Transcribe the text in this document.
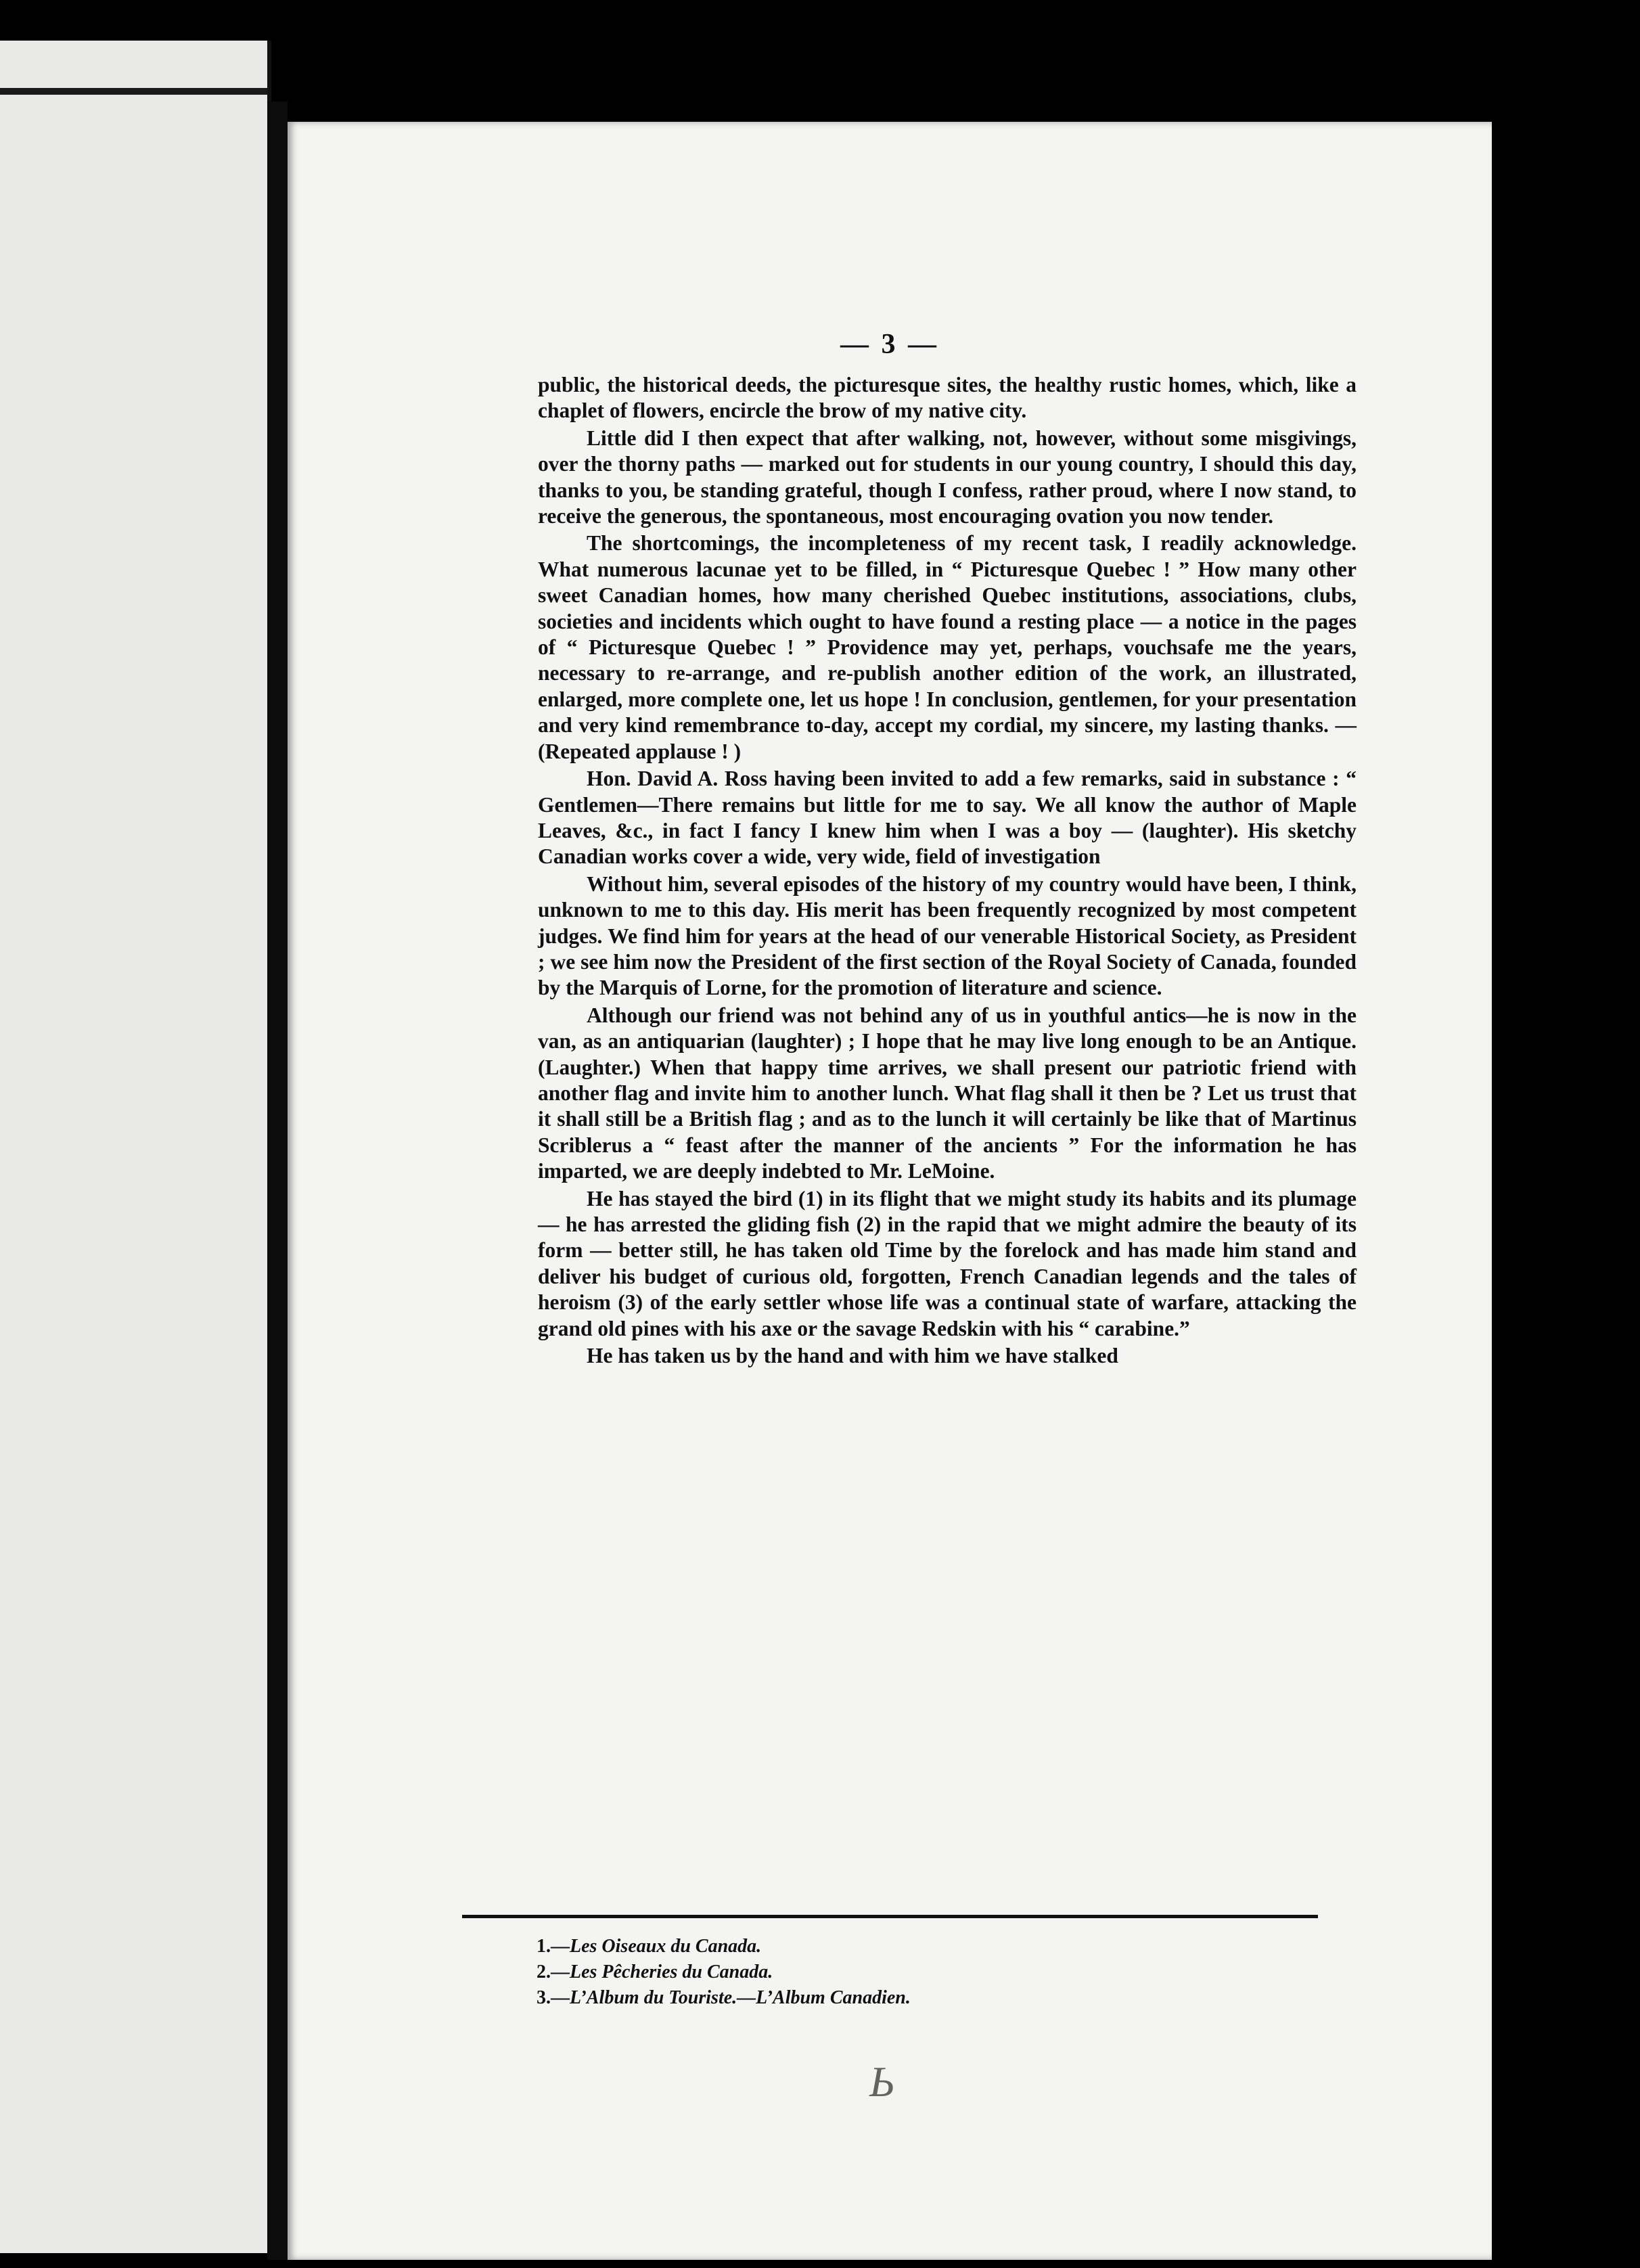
— 3 —

public, the historical deeds, the picturesque sites, the healthy rustic homes, which, like a chaplet of flowers, encircle the brow of my native city.

Little did I then expect that after walking, not, however, without some misgivings, over the thorny paths — marked out for students in our young country, I should this day, thanks to you, be standing grateful, though I confess, rather proud, where I now stand, to receive the generous, the spontaneous, most encouraging ovation you now tender.

The shortcomings, the incompleteness of my recent task, I readily acknowledge. What numerous lacunae yet to be filled, in “ Picturesque Quebec ! ” How many other sweet Canadian homes, how many cherished Quebec institutions, associations, clubs, societies and incidents which ought to have found a resting place — a notice in the pages of “ Picturesque Quebec ! ” Providence may yet, perhaps, vouchsafe me the years, necessary to re-arrange, and re-publish another edition of the work, an illustrated, enlarged, more complete one, let us hope ! In conclusion, gentlemen, for your presentation and very kind remembrance to-day, accept my cordial, my sincere, my lasting thanks. — (Repeated applause ! )

Hon. David A. Ross having been invited to add a few remarks, said in substance : “ Gentlemen—There remains but little for me to say. We all know the author of Maple Leaves, &c., in fact I fancy I knew him when I was a boy — (laughter). His sketchy Canadian works cover a wide, very wide, field of investigation

Without him, several episodes of the history of my country would have been, I think, unknown to me to this day. His merit has been frequently recognized by most competent judges. We find him for years at the head of our venerable Historical Society, as President ; we see him now the President of the first section of the Royal Society of Canada, founded by the Marquis of Lorne, for the promotion of literature and science.

Although our friend was not behind any of us in youthful antics—he is now in the van, as an antiquarian (laughter) ; I hope that he may live long enough to be an Antique. (Laughter.) When that happy time arrives, we shall present our patriotic friend with another flag and invite him to another lunch. What flag shall it then be ? Let us trust that it shall still be a British flag ; and as to the lunch it will certainly be like that of Martinus Scriblerus a “ feast after the manner of the ancients ” For the information he has imparted, we are deeply indebted to Mr. LeMoine.

He has stayed the bird (1) in its flight that we might study its habits and its plumage — he has arrested the gliding fish (2) in the rapid that we might admire the beauty of its form — better still, he has taken old Time by the forelock and has made him stand and deliver his budget of curious old, forgotten, French Canadian legends and the tales of heroism (3) of the early settler whose life was a continual state of warfare, attacking the grand old pines with his axe or the savage Redskin with his “ carabine.”

He has taken us by the hand and with him we have stalked

1.—Les Oiseaux du Canada.
2.—Les Pêcheries du Canada.
3.—L’Album du Touriste.—L’Album Canadien.
Ь
